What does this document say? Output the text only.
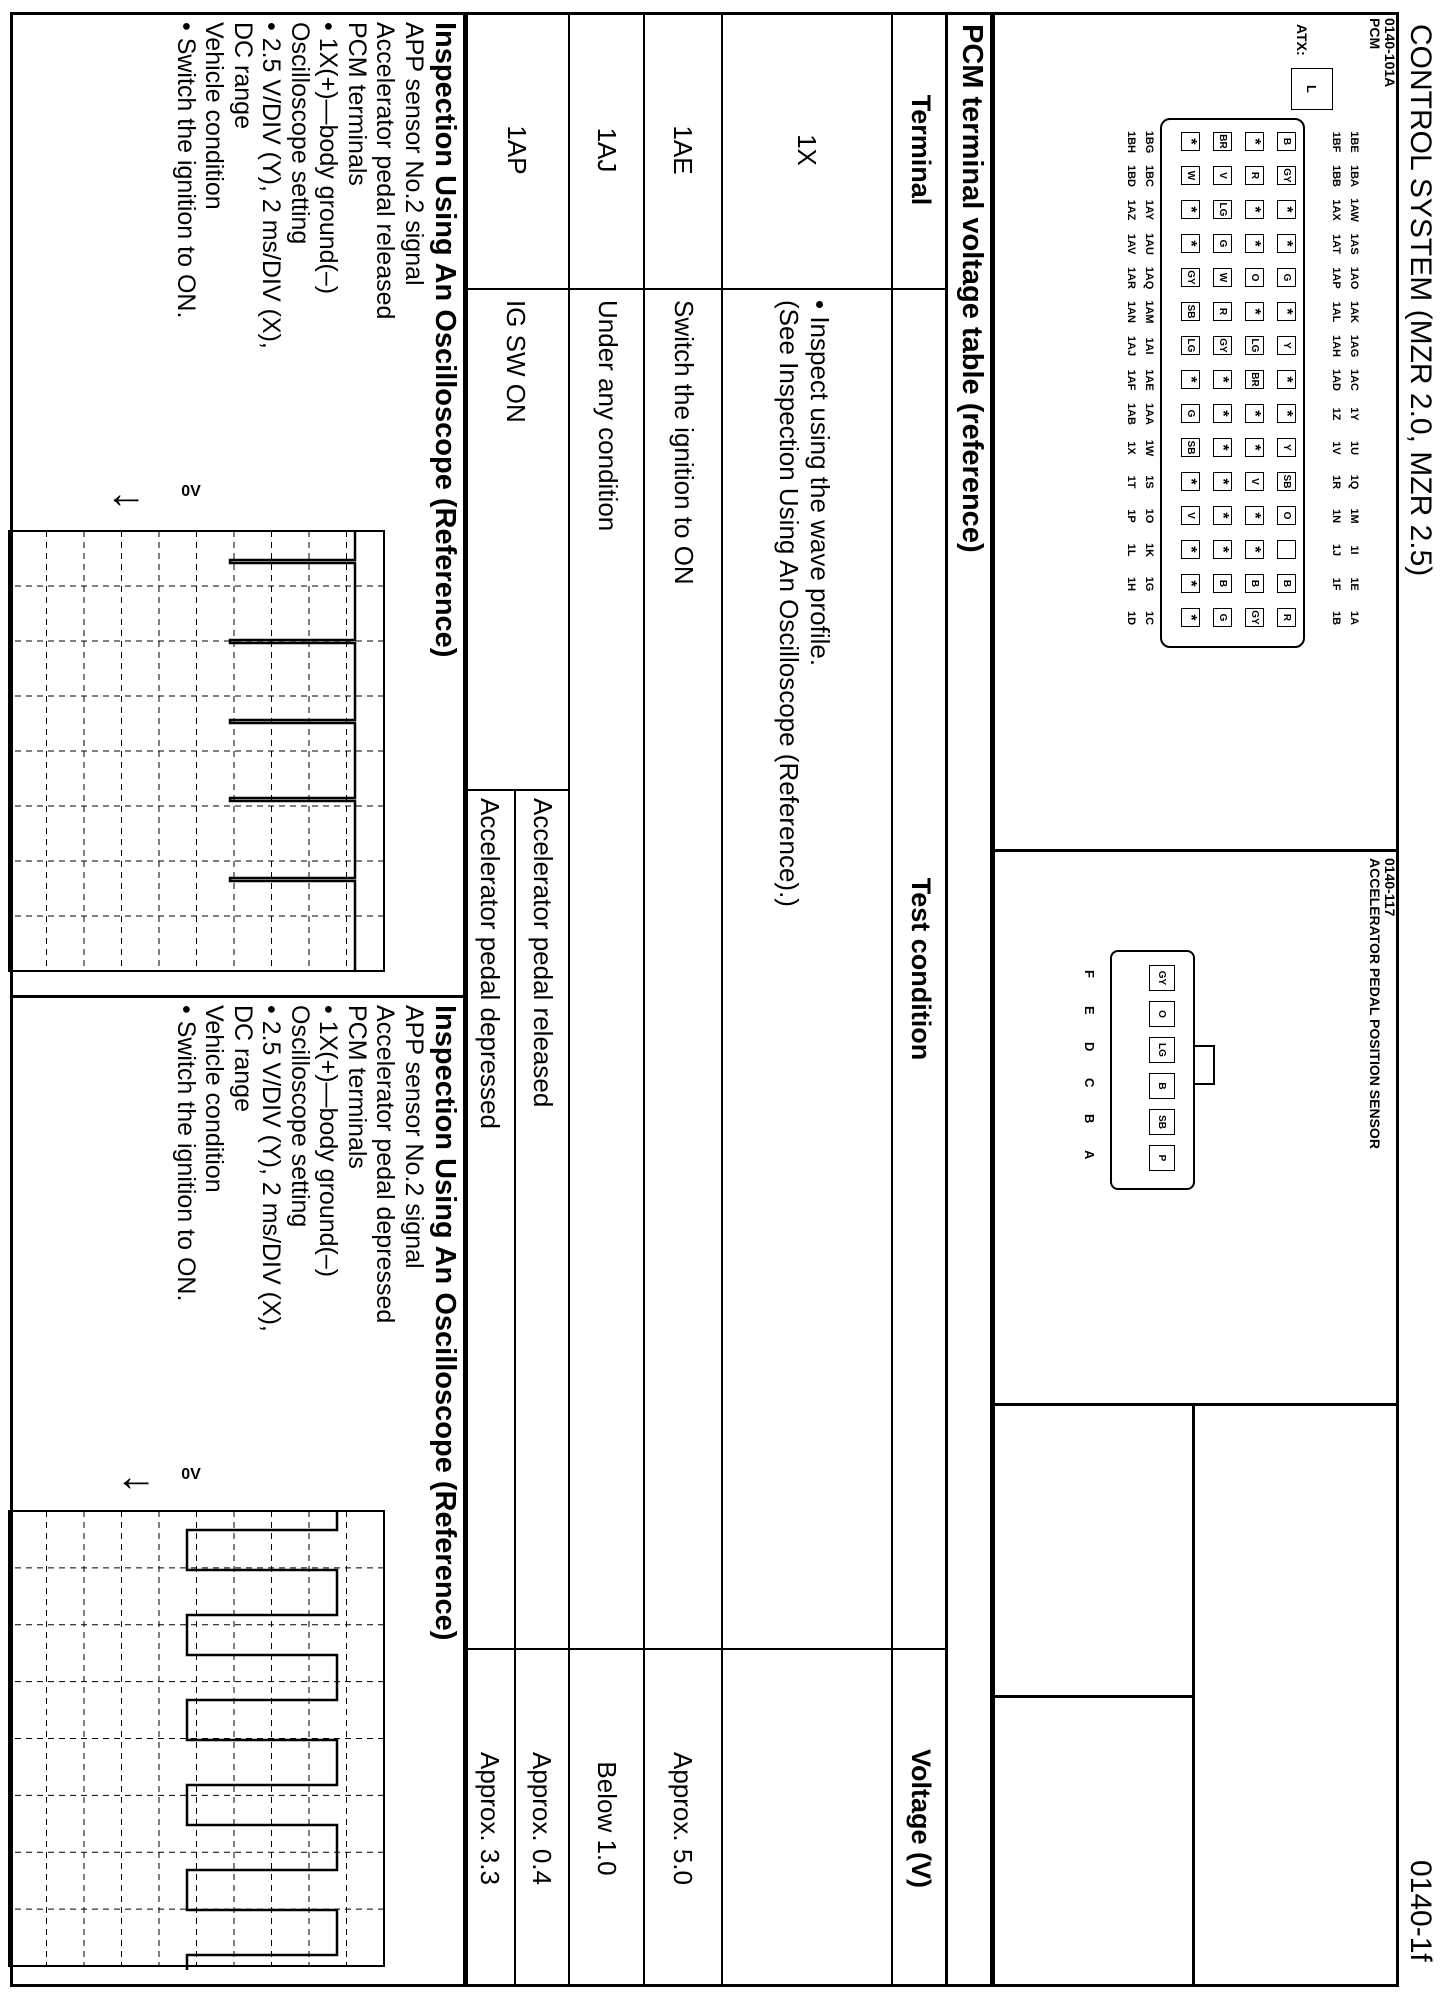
CONTROL SYSTEM (MZR 2.0, MZR 2.5)
0140-1f
0140-101A
PCM
ATX:
L
1BE
1BA
1AW
1AS
1AO
1AK
1AG
1AC
1Y
1U
1Q
1M
1I
1E
1A
1BF
1BB
1AX
1AT
1AP
1AL
1AH
1AD
1Z
1V
1R
1N
1J
1F
1B
B
GY
*
*
G
*
Y
*
*
Y
SB
O
B
R
*
R
*
*
O
*
LG
BR
*
*
V
*
*
B
GY
BR
V
LG
G
W
R
GY
*
*
*
*
*
*
B
G
*
W
*
*
GY
SB
LG
*
G
SB
*
V
*
*
*
1BG
1BC
1AY
1AU
1AQ
1AM
1AI
1AE
1AA
1W
1S
1O
1K
1G
1C
1BH
1BD
1AZ
1AV
1AR
1AN
1AJ
1AF
1AB
1X
1T
1P
1L
1H
1D
0140-117
ACCELERATOR PEDAL POSITION SENSOR
GY
F
O
E
LG
D
B
C
SB
B
P
A
PCM terminal voltage table (reference)
Terminal
Test condition
Voltage (V)
1X
• Inspect using the wave profile.
(See Inspection Using An Oscilloscope (Reference).)
1AE
Switch the ignition to ON
Approx. 5.0
1AJ
Under any condition
Below 1.0
1AP
IG SW ON
Accelerator pedal released
Approx. 0.4
Accelerator pedal depressed
Approx. 3.3
Inspection Using An Oscilloscope (Reference)
APP sensor No.2 signal
Accelerator pedal released
PCM terminals
• 1X(+)—body ground(–)
Oscilloscope setting
• 2.5 V/DIV (Y), 2 ms/DIV (X),
DC range
Vehicle condition
• Switch the ignition to ON.
Inspection Using An Oscilloscope (Reference)
APP sensor No.2 signal
Accelerator pedal depressed
PCM terminals
• 1X(+)—body ground(–)
Oscilloscope setting
• 2.5 V/DIV (Y), 2 ms/DIV (X),
DC range
Vehicle condition
• Switch the ignition to ON.
0V
↓
0V
↓
